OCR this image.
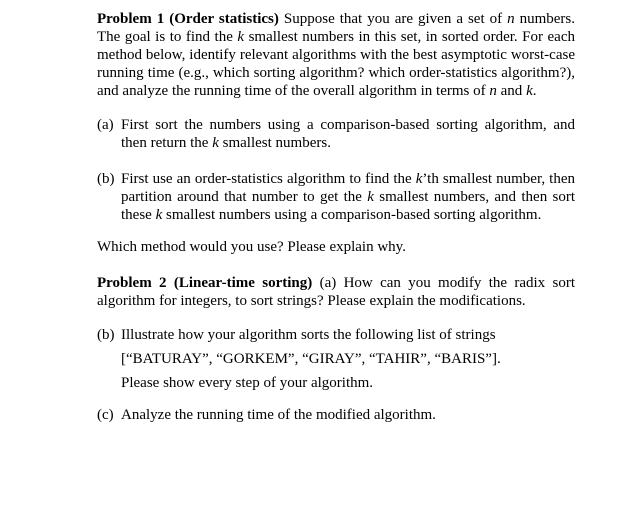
Problem 1 (Order statistics) Suppose that you are given a set of n numbers. The goal is to find the k smallest numbers in this set, in sorted order. For each method below, identify relevant algorithms with the best asymptotic worst-case running time (e.g., which sorting algorithm? which order-statistics algorithm?), and analyze the running time of the overall algorithm in terms of n and k.

(a) First sort the numbers using a comparison-based sorting algorithm, and then return the k smallest numbers.
(b) First use an order-statistics algorithm to find the k’th smallest number, then partition around that number to get the k smallest numbers, and then sort these k smallest numbers using a comparison-based sorting algorithm.

Which method would you use? Please explain why.

Problem 2 (Linear-time sorting) (a) How can you modify the radix sort algorithm for integers, to sort strings? Please explain the modifications.
(b) Illustrate how your algorithm sorts the following list of strings
[“BATURAY”, “GORKEM”, “GIRAY”, “TAHIR”, “BARIS”].
Please show every step of your algorithm.
(c) Analyze the running time of the modified algorithm.
